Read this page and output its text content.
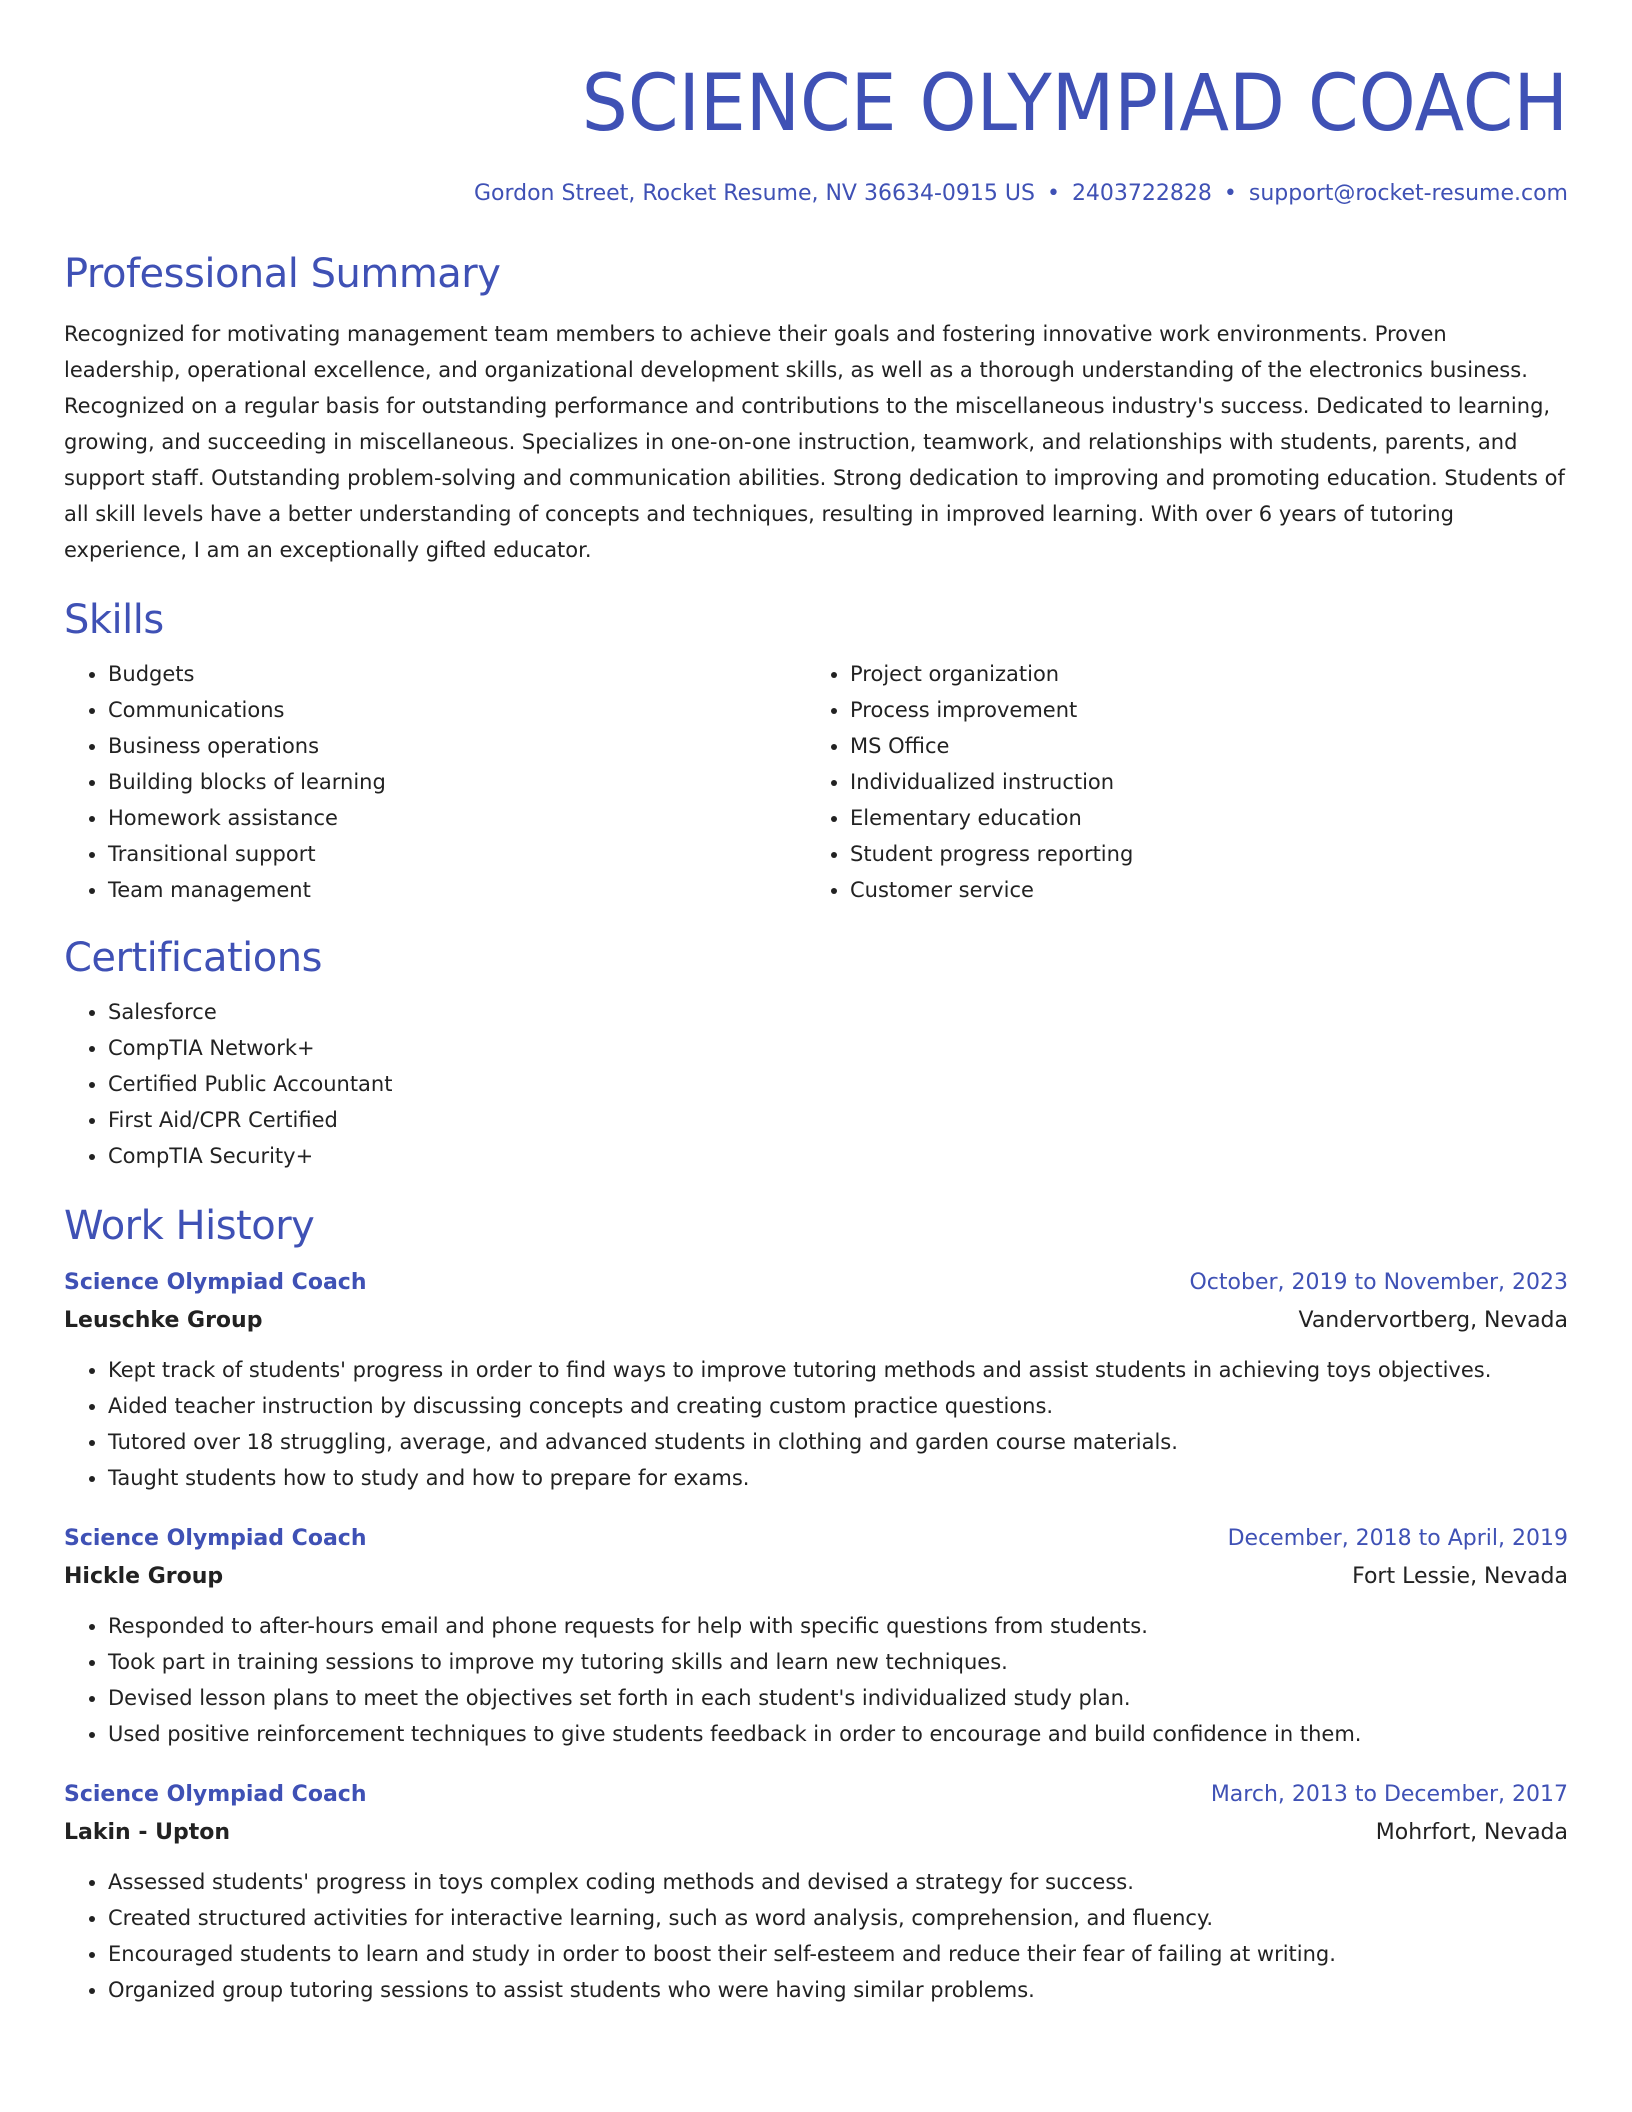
SCIENCE OLYMPIAD COACH
Gordon Street, Rocket Resume, NV 36634-0915 US • 2403722828 • support@rocket-resume.com
Professional Summary
Recognized for motivating management team members to achieve their goals and fostering innovative work environments. Proven leadership, operational excellence, and organizational development skills, as well as a thorough understanding of the electronics business. Recognized on a regular basis for outstanding performance and contributions to the miscellaneous industry's success. Dedicated to learning, growing, and succeeding in miscellaneous. Specializes in one-on-one instruction, teamwork, and relationships with students, parents, and support staff. Outstanding problem-solving and communication abilities. Strong dedication to improving and promoting education. Students of all skill levels have a better understanding of concepts and techniques, resulting in improved learning. With over 6 years of tutoring experience, I am an exceptionally gifted educator.
Skills
• Budgets
• Communications
• Business operations
• Building blocks of learning
• Homework assistance
• Transitional support
• Team management
• Project organization
• Process improvement
• MS Office
• Individualized instruction
• Elementary education
• Student progress reporting
• Customer service
Certifications
• Salesforce
• CompTIA Network+
• Certified Public Accountant
• First Aid/CPR Certified
• CompTIA Security+
Work History
Science Olympiad Coach	October, 2019 to November, 2023
Leuschke Group	Vandervortberg, Nevada
• Kept track of students' progress in order to find ways to improve tutoring methods and assist students in achieving toys objectives.
• Aided teacher instruction by discussing concepts and creating custom practice questions.
• Tutored over 18 struggling, average, and advanced students in clothing and garden course materials.
• Taught students how to study and how to prepare for exams.
Science Olympiad Coach	December, 2018 to April, 2019
Hickle Group	Fort Lessie, Nevada
• Responded to after-hours email and phone requests for help with specific questions from students.
• Took part in training sessions to improve my tutoring skills and learn new techniques.
• Devised lesson plans to meet the objectives set forth in each student's individualized study plan.
• Used positive reinforcement techniques to give students feedback in order to encourage and build confidence in them.
Science Olympiad Coach	March, 2013 to December, 2017
Lakin - Upton	Mohrfort, Nevada
• Assessed students' progress in toys complex coding methods and devised a strategy for success.
• Created structured activities for interactive learning, such as word analysis, comprehension, and fluency.
• Encouraged students to learn and study in order to boost their self-esteem and reduce their fear of failing at writing.
• Organized group tutoring sessions to assist students who were having similar problems.
